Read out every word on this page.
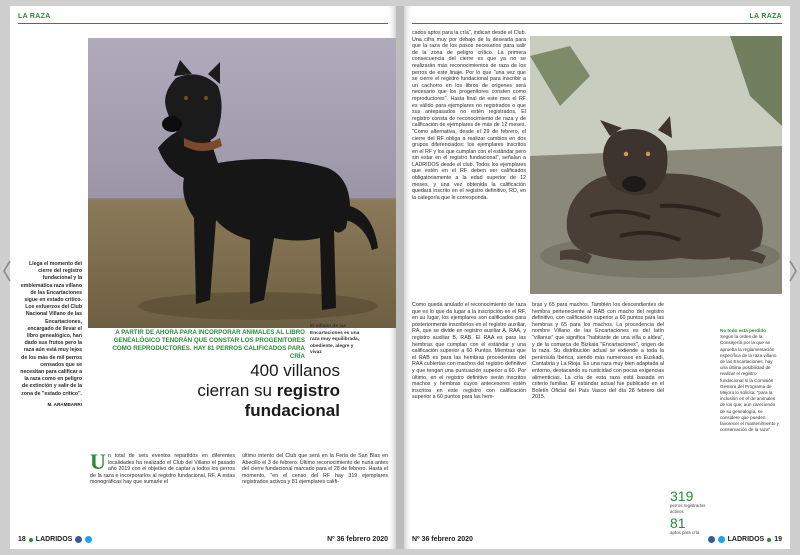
LA RAZA
Llega el momento del cierre del registro fundacional y la emblemática raza villano de las Encartaciones sigue en estado crítico. Los esfuerzos del Club Nacional Villano de las Encartaciones, encargado de llevar el libro genealógico, han dado sus frutos pero la raza aún está muy lejos de los más de mil perros censados que se necesitan para calificar a la raza como en peligro de extinción y salir de la zona de "estado crítico".
M. ARAMBARRI
A PARTIR DE AHORA PARA INCORPORAR ANIMALES AL LIBRO GENEALÓGICO TENDRÁN QUE CONSTAR LOS PROGENITORES COMO REPRODUCTORES. HAY 81 PERROS CALIFICADOS PARA CRÍA
El villano de las Encartaciones es una raza muy equilibrada, obediente, alegre y vivaz
400 villanos
cierran su registro
fundacional
Un total de seis eventos repartidos en diferentes localidades ha realizado el Club del Villano el pasado año 2019 con el objetivo de captar a todos los perros de la raza e incorporarlos al registro fundacional, RF. A estas monográficas hay que sumarle el
último intento del Club que será en la Feria de San Blas en Abecillo el 3 de febrero. Último reconocimiento de nuria antes del cierre fundacional marcado para el 28 de febrero. Hasta el momento, "en el censo del RF hay 319 ejemplares registrados activos y 81 ejemplares califi-
18 LADRIDOS	Nº 36 febrero 2020
LA RAZA
cados aptos para la cría", indican desde el Club. Una cifra muy por debajo de la deseada para que la raza de los pasos necesarios para salir de la zona de peligro crítico. La primera consecuencia del cierre es que ya no se realizarán más reconocimientos de raza de los perros de este linaje. Por lo que "una vez que se cierre el registro fundacional para inscribir a un cachorro en los libros de orígenes será necesario que los progenitores consten como reproductores". Hasta final de este mes el RF es válido para ejemplares no registrados o que sus antepasados no estén registrados. El registro consta de reconocimiento de raza y de calificación de ejemplares de más de 12 meses. "Como alternativa, desde el 29 de febrero, el cierre del RF obliga a realizar cambios en dos grupos diferenciados: los ejemplares inscritos en el RF y los que cumplan con el estándar pero sin estar en el registro fundacional", señalan a LADRIDOS desde el club. Todos los ejemplares que estén en el RF deben ser calificados obligatoriamente a la edad superior de 12 meses, y una vez obtenida la calificación quedará inscrito en el registro definitivo, RD, en la categoría que le corresponda.
Como queda anulado el reconocimiento de raza que es lo que da lugar a la inscripción en el RF, en su lugar, los ejemplares son calificados para posteriormente inscribirlos en el registro auxiliar, RA, que se divide en registro auxiliar A, RAA, y registro auxiliar B, RAB. El RAA es para las hembras que cumplan con el estándar y una calificación superior a 60 Puntos. Mientras que el RAB es para las hembras procedentes del RAA cubiertas con machos del registro definitivo y que tengan una puntuación superior a 60. Por último, en el registro definitivo serán inscritos machos y hembras cuyos antecesores estén inscritos en este registro con calificación superior a 60 puntos para las hem-
bras y 65 para machos. También los descendientes de hembra perteneciente al RAB con macho del registro definitivo, con calificación superior a 60 puntos para las hembras y 65 para los machos. La procedencia del nombre Villano de las Encartaciones es del latín "villanus" que significa "habitante de una villa o aldea", y de la comarca de Bizkaia "Encartaciones", origen de la raza. Su distribución actual se extiende a toda la península Ibérica, siendo más numerosos en Euskadi, Cantabria y La Rioja. Es una raza muy bien adaptada al entorno, destacando su rusticidad con pocas exigencias alimenticias. La cría de esta raza está basada en criterio familiar. El estándar actual fue publicado en el Boletín Oficial del País Vasco del día 28 febrero del 2015.
No todo está perdido Según la orden de la Consejería por la que se aprueba la reglamentación específica de la raza villano de las Encartaciones, hay una última posibilidad de realizar el registro fundacional si la Comisión Gestora del Programa de Mejora lo solicita: "para la inclusión en el de animales de los que, aún careciendo de su genealogía, se considere que pueden favorecer el mantenimiento y conservación de la raza".
319
perros registrados activos
81
aptos para cría
Nº 36 febrero 2020	LADRIDOS 19
